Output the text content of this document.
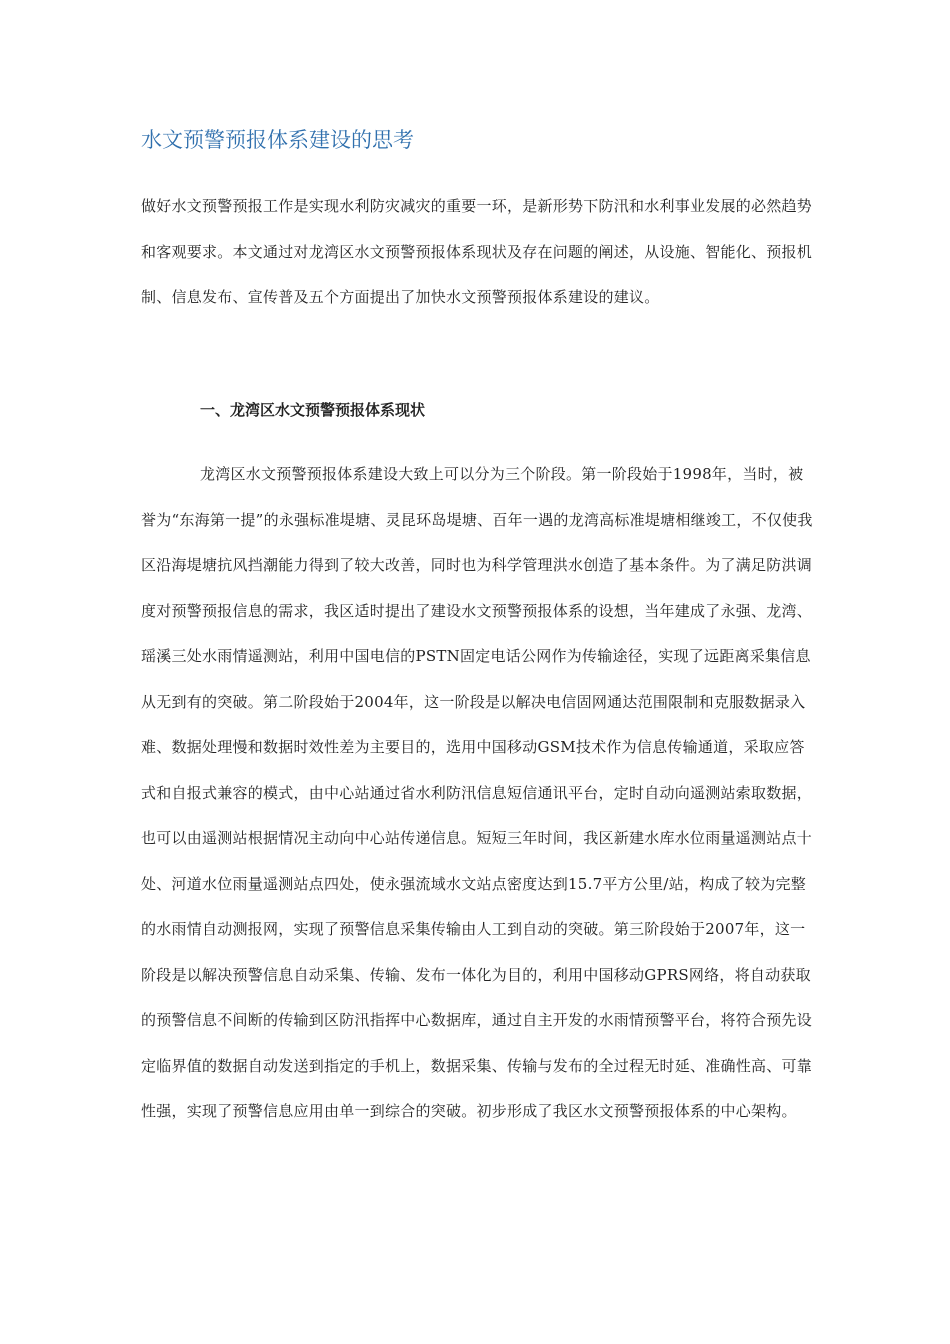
水文预警预报体系建设的思考

做好水文预警预报工作是实现水利防灾减灾的重要一环，是新形势下防汛和水利事业发展的必然趋势和客观要求。本文通过对龙湾区水文预警预报体系现状及存在问题的阐述，从设施、智能化、预报机制、信息发布、宣传普及五个方面提出了加快水文预警预报体系建设的建议。

一、龙湾区水文预警预报体系现状

龙湾区水文预警预报体系建设大致上可以分为三个阶段。第一阶段始于1998年，当时，被誉为“东海第一提”的永强标准堤塘、灵昆环岛堤塘、百年一遇的龙湾高标准堤塘相继竣工，不仅使我区沿海堤塘抗风挡潮能力得到了较大改善，同时也为科学管理洪水创造了基本条件。为了满足防洪调度对预警预报信息的需求，我区适时提出了建设水文预警预报体系的设想，当年建成了永强、龙湾、瑶溪三处水雨情遥测站，利用中国电信的PSTN固定电话公网作为传输途径，实现了远距离采集信息从无到有的突破。第二阶段始于2004年，这一阶段是以解决电信固网通达范围限制和克服数据录入难、数据处理慢和数据时效性差为主要目的，选用中国移动GSM技术作为信息传输通道，采取应答式和自报式兼容的模式，由中心站通过省水利防汛信息短信通讯平台，定时自动向遥测站索取数据，也可以由遥测站根据情况主动向中心站传递信息。短短三年时间，我区新建水库水位雨量遥测站点十处、河道水位雨量遥测站点四处，使永强流域水文站点密度达到15.7平方公里/站，构成了较为完整的水雨情自动测报网，实现了预警信息采集传输由人工到自动的突破。第三阶段始于2007年，这一阶段是以解决预警信息自动采集、传输、发布一体化为目的，利用中国移动GPRS网络，将自动获取的预警信息不间断的传输到区防汛指挥中心数据库，通过自主开发的水雨情预警平台，将符合预先设定临界值的数据自动发送到指定的手机上，数据采集、传输与发布的全过程无时延、准确性高、可靠性强，实现了预警信息应用由单一到综合的突破。初步形成了我区水文预警预报体系的中心架构。
